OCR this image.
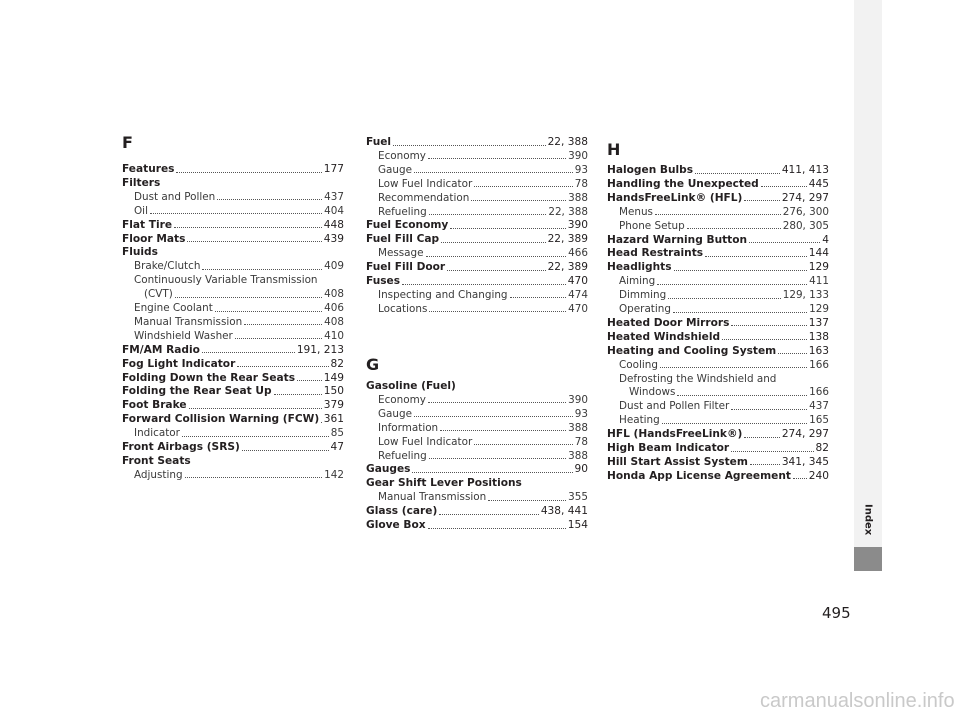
Index
F
Features	177
Filters
Dust and Pollen	437
Oil	404
Flat Tire	448
Floor Mats	439
Fluids
Brake/Clutch	409
Continuously Variable Transmission
(CVT)	408
Engine Coolant	406
Manual Transmission	408
Windshield Washer	410
FM/AM Radio	191, 213
Fog Light Indicator	82
Folding Down the Rear Seats	149
Folding the Rear Seat Up	150
Foot Brake	379
Forward Collision Warning (FCW) 361
Indicator	85
Front Airbags (SRS)	47
Front Seats
Adjusting	142
Fuel	22, 388
Economy	390
Gauge	93
Low Fuel Indicator	78
Recommendation	388
Refueling	22, 388
Fuel Economy	390
Fuel Fill Cap	22, 389
Message	466
Fuel Fill Door	22, 389
Fuses	470
Inspecting and Changing	474
Locations	470
G
Gasoline (Fuel)
Economy	390
Gauge	93
Information	388
Low Fuel Indicator	78
Refueling	388
Gauges	90
Gear Shift Lever Positions
Manual Transmission	355
Glass (care)	438, 441
Glove Box	154
H
Halogen Bulbs	411, 413
Handling the Unexpected	445
HandsFreeLink® (HFL)	274, 297
Menus	276, 300
Phone Setup	280, 305
Hazard Warning Button	4
Head Restraints	144
Headlights	129
Aiming	411
Dimming	129, 133
Operating	129
Heated Door Mirrors	137
Heated Windshield	138
Heating and Cooling System	163
Cooling	166
Defrosting the Windshield and
Windows	166
Dust and Pollen Filter	437
Heating	165
HFL (HandsFreeLink®)	274, 297
High Beam Indicator	82
Hill Start Assist System	341, 345
Honda App License Agreement 240
495
carmanualsonline.info
